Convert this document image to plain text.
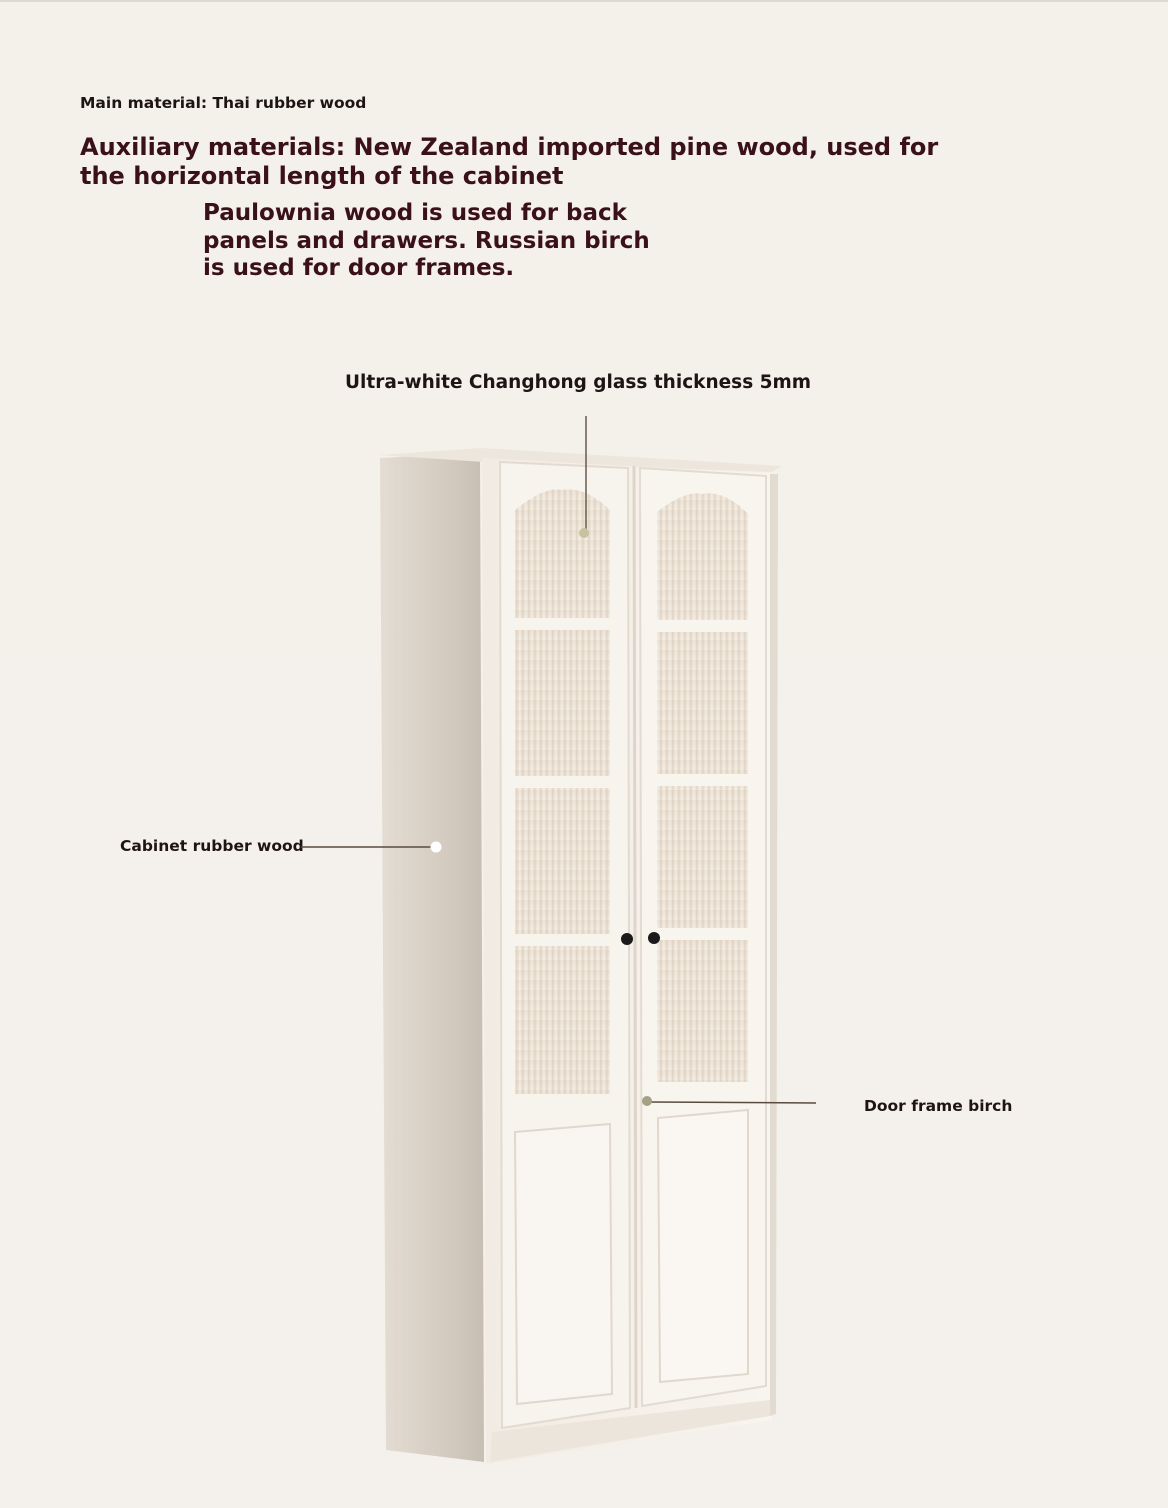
Main material: Thai rubber wood

Auxiliary materials: New Zealand imported pine wood, used for

the horizontal length of the cabinet

Paulownia wood is used for back

panels and drawers. Russian birch

is used for door frames.

Ultra-white Changhong glass thickness 5mm

Cabinet rubber wood

Door frame birch
